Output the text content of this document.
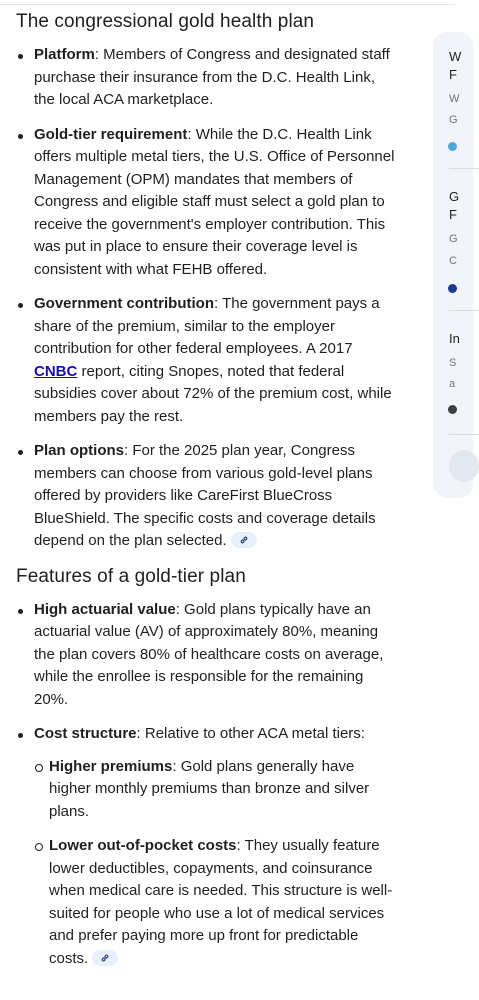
The congressional gold health plan
Platform: Members of Congress and designated staff purchase their insurance from the D.C. Health Link, the local ACA marketplace.
Gold-tier requirement: While the D.C. Health Link offers multiple metal tiers, the U.S. Office of Personnel Management (OPM) mandates that members of Congress and eligible staff must select a gold plan to receive the government's employer contribution. This was put in place to ensure their coverage level is consistent with what FEHB offered.
Government contribution: The government pays a share of the premium, similar to the employer contribution for other federal employees. A 2017 CNBC report, citing Snopes, noted that federal subsidies cover about 72% of the premium cost, while members pay the rest.
Plan options: For the 2025 plan year, Congress members can choose from various gold-level plans offered by providers like CareFirst BlueCross BlueShield. The specific costs and coverage details depend on the plan selected.
Features of a gold-tier plan
High actuarial value: Gold plans typically have an actuarial value (AV) of approximately 80%, meaning the plan covers 80% of healthcare costs on average, while the enrollee is responsible for the remaining 20%.
Cost structure: Relative to other ACA metal tiers:
Higher premiums: Gold plans generally have higher monthly premiums than bronze and silver plans.
Lower out-of-pocket costs: They usually feature lower deductibles, copayments, and coinsurance when medical care is needed. This structure is well-suited for people who use a lot of medical services and prefer paying more up front for predictable costs.
W
F
W
G
G
F
G
C
In
S
a
